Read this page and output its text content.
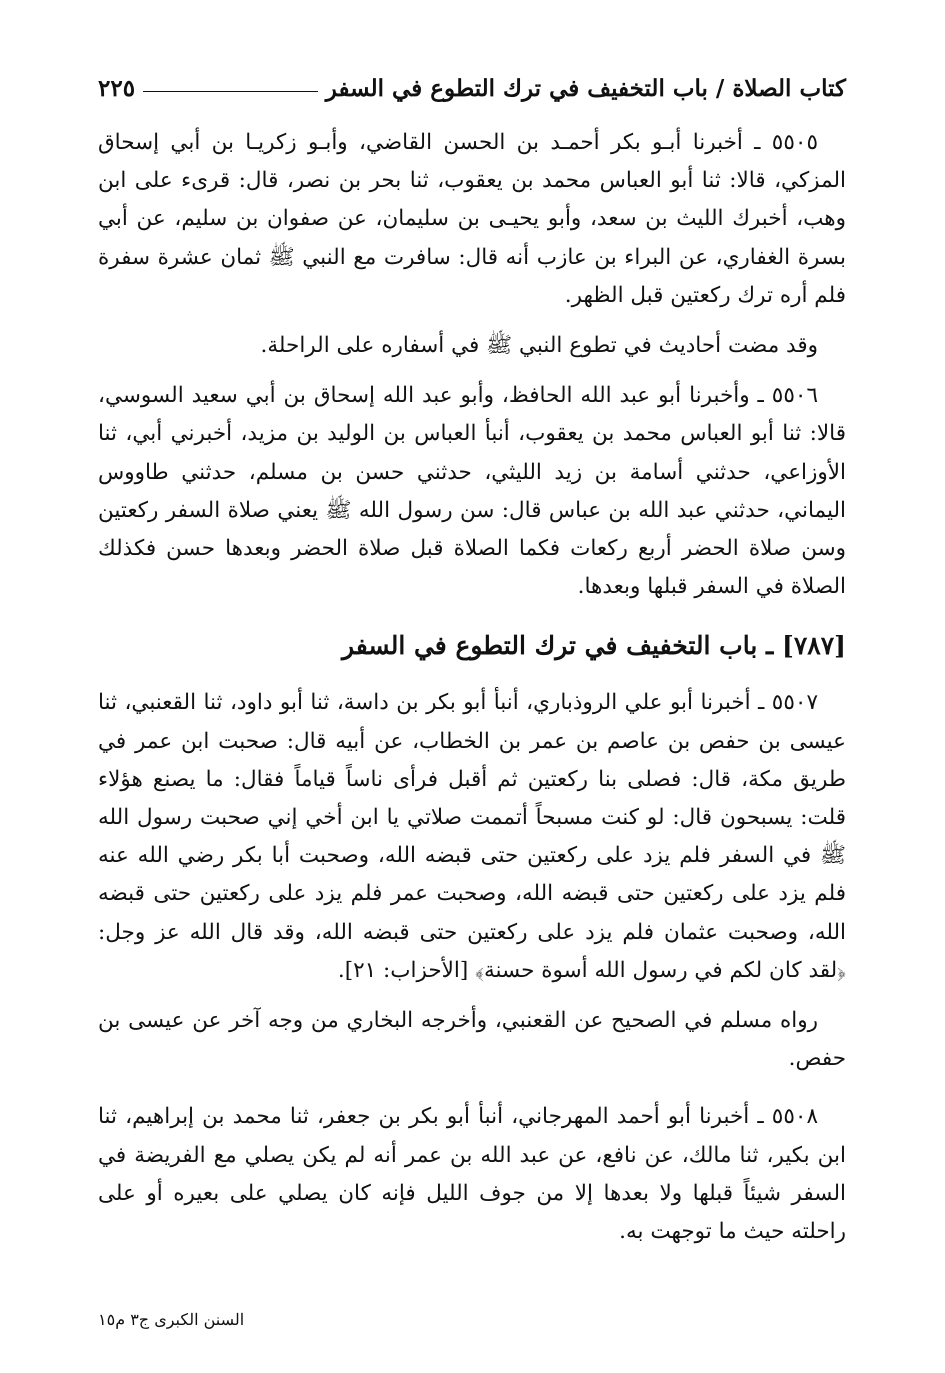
كتاب الصلاة / باب التخفيف في ترك التطوع في السفر
٢٢٥

٥٥٠٥ ـ أخبرنا أبـو بكر أحمـد بن الحسن القاضي، وأبـو زكريـا بن أبي إسحاق المزكي، قالا: ثنا أبو العباس محمد بن يعقوب، ثنا بحر بن نصر، قال: قرىء على ابن وهب، أخبرك الليث بن سعد، وأبو يحيـى بن سليمان، عن صفوان بن سليم، عن أبي بسرة الغفاري، عن البراء بن عازب أنه قال: سافرت مع النبي ﷺ ثمان عشرة سفرة فلم أره ترك ركعتين قبل الظهر.

وقد مضت أحاديث في تطوع النبي ﷺ في أسفاره على الراحلة.

٥٥٠٦ ـ وأخبرنا أبو عبد الله الحافظ، وأبو عبد الله إسحاق بن أبي سعيد السوسي، قالا: ثنا أبو العباس محمد بن يعقوب، أنبأ العباس بن الوليد بن مزيد، أخبرني أبي، ثنا الأوزاعي، حدثني أسامة بن زيد الليثي، حدثني حسن بن مسلم، حدثني طاووس اليماني، حدثني عبد الله بن عباس قال: سن رسول الله ﷺ يعني صلاة السفر ركعتين وسن صلاة الحضر أربع ركعات فكما الصلاة قبل صلاة الحضر وبعدها حسن فكذلك الصلاة في السفر قبلها وبعدها.

[٧٨٧] ـ باب التخفيف في ترك التطوع في السفر

٥٥٠٧ ـ أخبرنا أبو علي الروذباري، أنبأ أبو بكر بن داسة، ثنا أبو داود، ثنا القعنبي، ثنا عيسى بن حفص بن عاصم بن عمر بن الخطاب، عن أبيه قال: صحبت ابن عمر في طريق مكة، قال: فصلى بنا ركعتين ثم أقبل فرأى ناساً قياماً فقال: ما يصنع هؤلاء قلت: يسبحون قال: لو كنت مسبحاً أتممت صلاتي يا ابن أخي إني صحبت رسول الله ﷺ في السفر فلم يزد على ركعتين حتى قبضه الله، وصحبت أبا بكر رضي الله عنه فلم يزد على ركعتين حتى قبضه الله، وصحبت عمر فلم يزد على ركعتين حتى قبضه الله، وصحبت عثمان فلم يزد على ركعتين حتى قبضه الله، وقد قال الله عز وجل: ﴿لقد كان لكم في رسول الله أسوة حسنة﴾ [الأحزاب: ٢١].

رواه مسلم في الصحيح عن القعنبي، وأخرجه البخاري من وجه آخر عن عيسى بن حفص.

٥٥٠٨ ـ أخبرنا أبو أحمد المهرجاني، أنبأ أبو بكر بن جعفر، ثنا محمد بن إبراهيم، ثنا ابن بكير، ثنا مالك، عن نافع، عن عبد الله بن عمر أنه لم يكن يصلي مع الفريضة في السفر شيئاً قبلها ولا بعدها إلا من جوف الليل فإنه كان يصلي على بعيره أو على راحلته حيث ما توجهت به.

السنن الكبرى ج٣ م١٥
